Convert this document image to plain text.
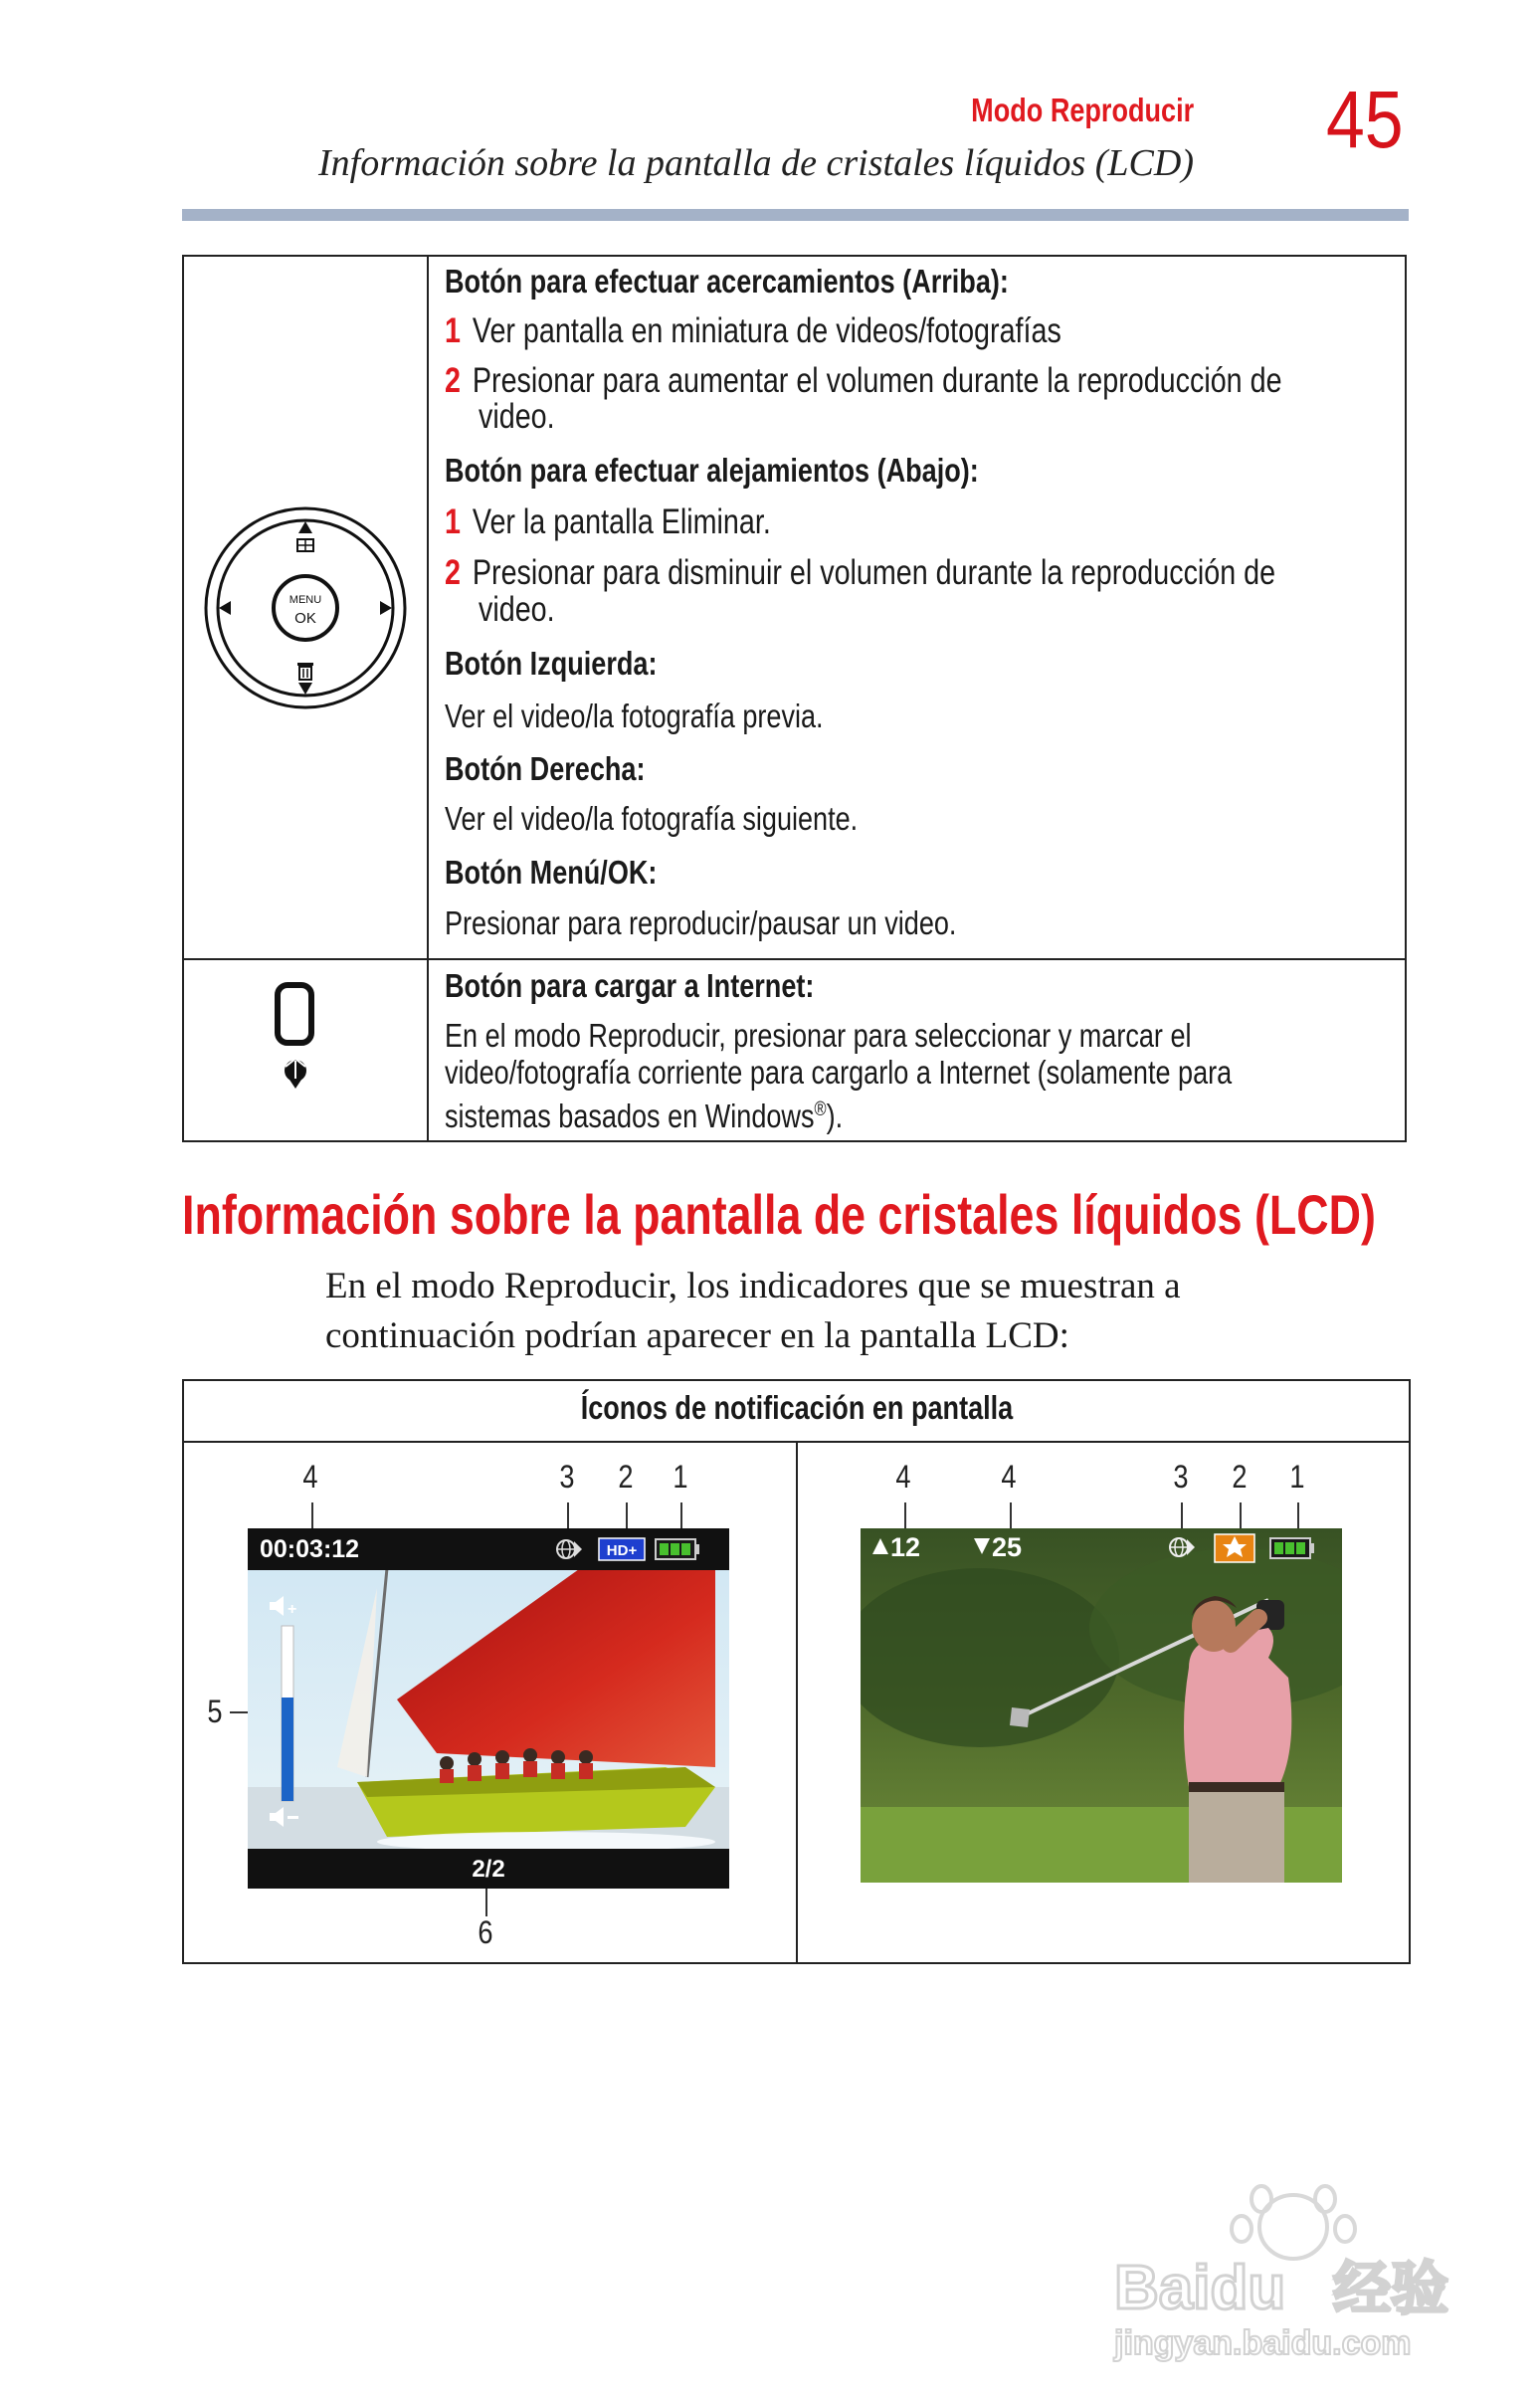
Modo Reproducir
Información sobre la pantalla de cristales líquidos (LCD) 45
MENU
OK
Botón para efectuar acercamientos (Arriba):
1 Ver pantalla en miniatura de videos/fotografías
2 Presionar para aumentar el volumen durante la reproducción de
video.
Botón para efectuar alejamientos (Abajo):
1 Ver la pantalla Eliminar.
2 Presionar para disminuir el volumen durante la reproducción de
video.
Botón Izquierda:
Ver el video/la fotografía previa.
Botón Derecha:
Ver el video/la fotografía siguiente.
Botón Menú/OK:
Presionar para reproducir/pausar un video.
Botón para cargar a Internet:
En el modo Reproducir, presionar para seleccionar y marcar el
video/fotografía corriente para cargarlo a Internet (solamente para
sistemas basados en Windows®).
Información sobre la pantalla de cristales líquidos (LCD)
En el modo Reproducir, los indicadores que se muestran a continuación podrían aparecer en la pantalla LCD:
Íconos de notificación en pantalla
4	3 2 1
5
00:03:12	HD+
+
2/2
6
4	4	3 2 1
12	25
Baidu 经验
jingyan.baidu.com
